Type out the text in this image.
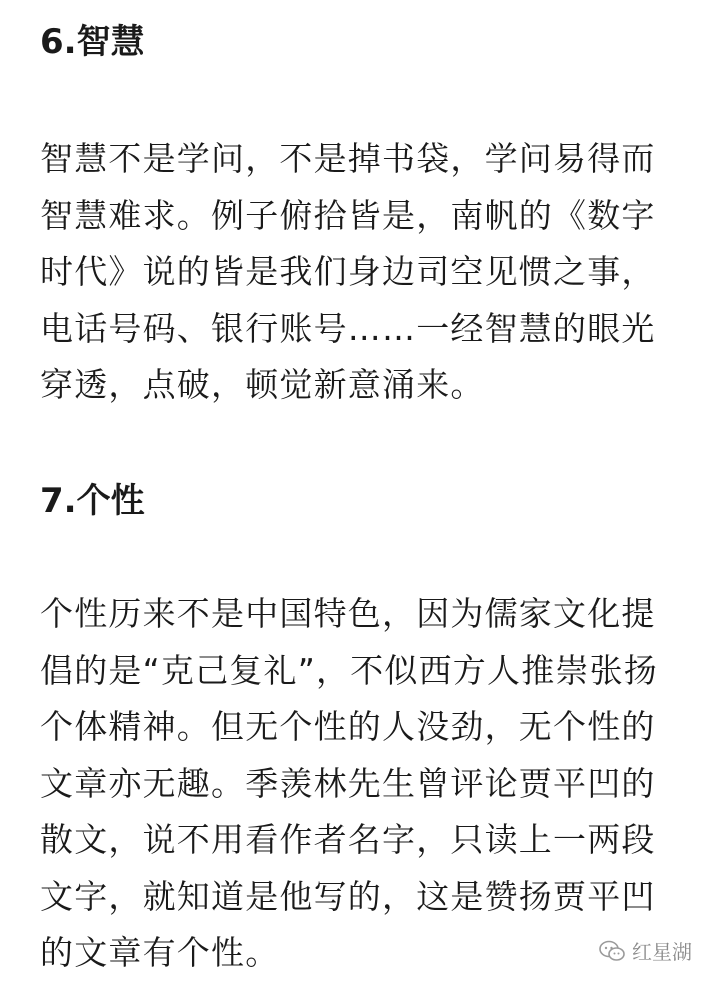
6.智慧
智慧不是学问，不是掉书袋，学问易得而
智慧难求。例子俯拾皆是，南帆的《数字
时代》说的皆是我们身边司空见惯之事，
电话号码、银行账号……一经智慧的眼光
穿透，点破，顿觉新意涌来。
7.个性
个性历来不是中国特色，因为儒家文化提
倡的是“克己复礼”，不似西方人推崇张扬
个体精神。但无个性的人没劲，无个性的
文章亦无趣。季羡林先生曾评论贾平凹的
散文，说不用看作者名字，只读上一两段
文字，就知道是他写的，这是赞扬贾平凹
的文章有个性。	红星湖
